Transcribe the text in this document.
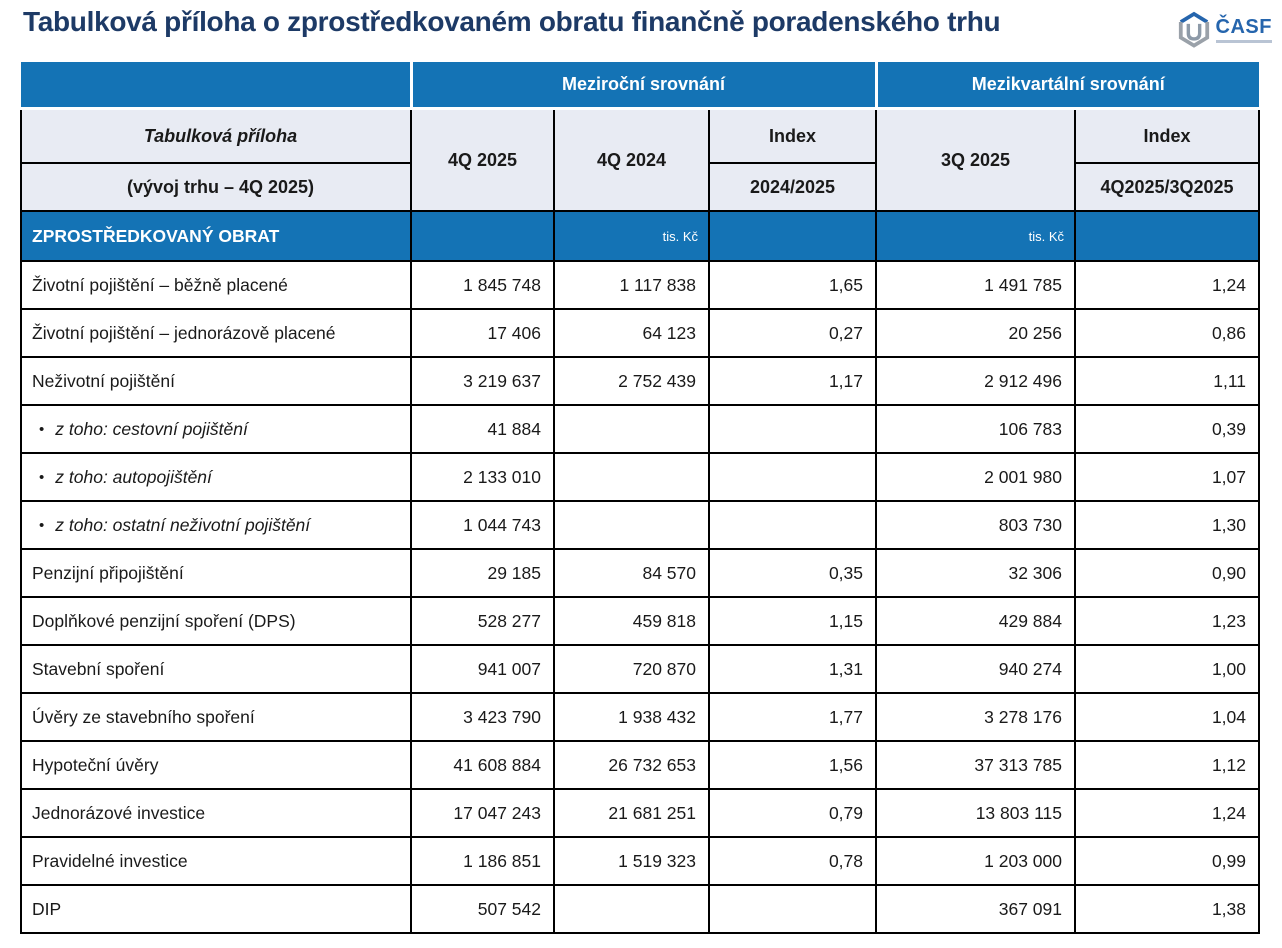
Tabulková příloha o zprostředkovaném obratu finančně poradenského trhu	ČASF
	Meziroční srovnání			Mezikvartální srovnání	
Tabulková příloha	4Q 2025	4Q 2024	Index	3Q 2025	Index
(vývoj trhu – 4Q 2025)			2024/2025		4Q2025/3Q2025
ZPROSTŘEDKOVANÝ OBRAT		tis. Kč		tis. Kč	
Životní pojištění – běžně placené	1 845 748	1 117 838	1,65	1 491 785	1,24
Životní pojištění – jednorázově placené	17 406	64 123	0,27	20 256	0,86
Neživotní pojištění	3 219 637	2 752 439	1,17	2 912 496	1,11
• z toho: cestovní pojištění	41 884			106 783	0,39
• z toho: autopojištění	2 133 010			2 001 980	1,07
• z toho: ostatní neživotní pojištění	1 044 743			803 730	1,30
Penzijní připojištění	29 185	84 570	0,35	32 306	0,90
Doplňkové penzijní spoření (DPS)	528 277	459 818	1,15	429 884	1,23
Stavební spoření	941 007	720 870	1,31	940 274	1,00
Úvěry ze stavebního spoření	3 423 790	1 938 432	1,77	3 278 176	1,04
Hypoteční úvěry	41 608 884	26 732 653	1,56	37 313 785	1,12
Jednorázové investice	17 047 243	21 681 251	0,79	13 803 115	1,24
Pravidelné investice	1 186 851	1 519 323	0,78	1 203 000	0,99
DIP	507 542			367 091	1,38
